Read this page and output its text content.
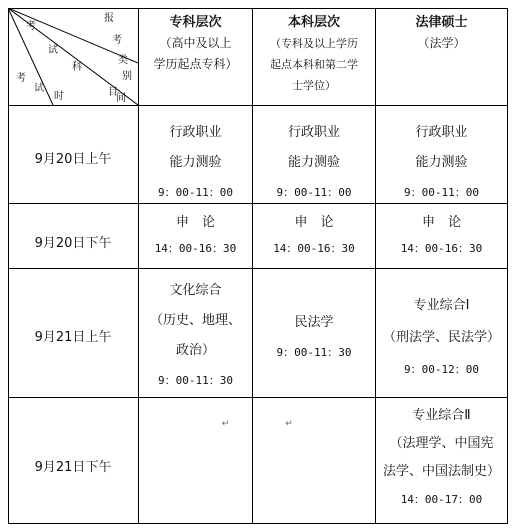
报
考
类
别
考
试
科
目
考
试
时	间
专科层次
（高中及以上
学历起点专科）
本科层次
（专科及以上学历
起点本科和第二学
士学位）
法律硕士
（法学）
9月20日上午
行政职业
能力测验
9：00-11：00
行政职业
能力测验
9：00-11：00
行政职业
能力测验
9：00-11：00
9月20日下午
申　论
14：00-16：30
申　论
14：00-16：30
申　论
14：00-16：30
9月21日上午
文化综合
（历史、地理、
政治）
9：00-11：30
民法学
9：00-11：30
专业综合Ⅰ
（刑法学、民法学）
9：00-12：00
9月21日下午
↵	↵
专业综合Ⅱ
（法理学、中国宪
法学、中国法制史）
14：00-17：00
